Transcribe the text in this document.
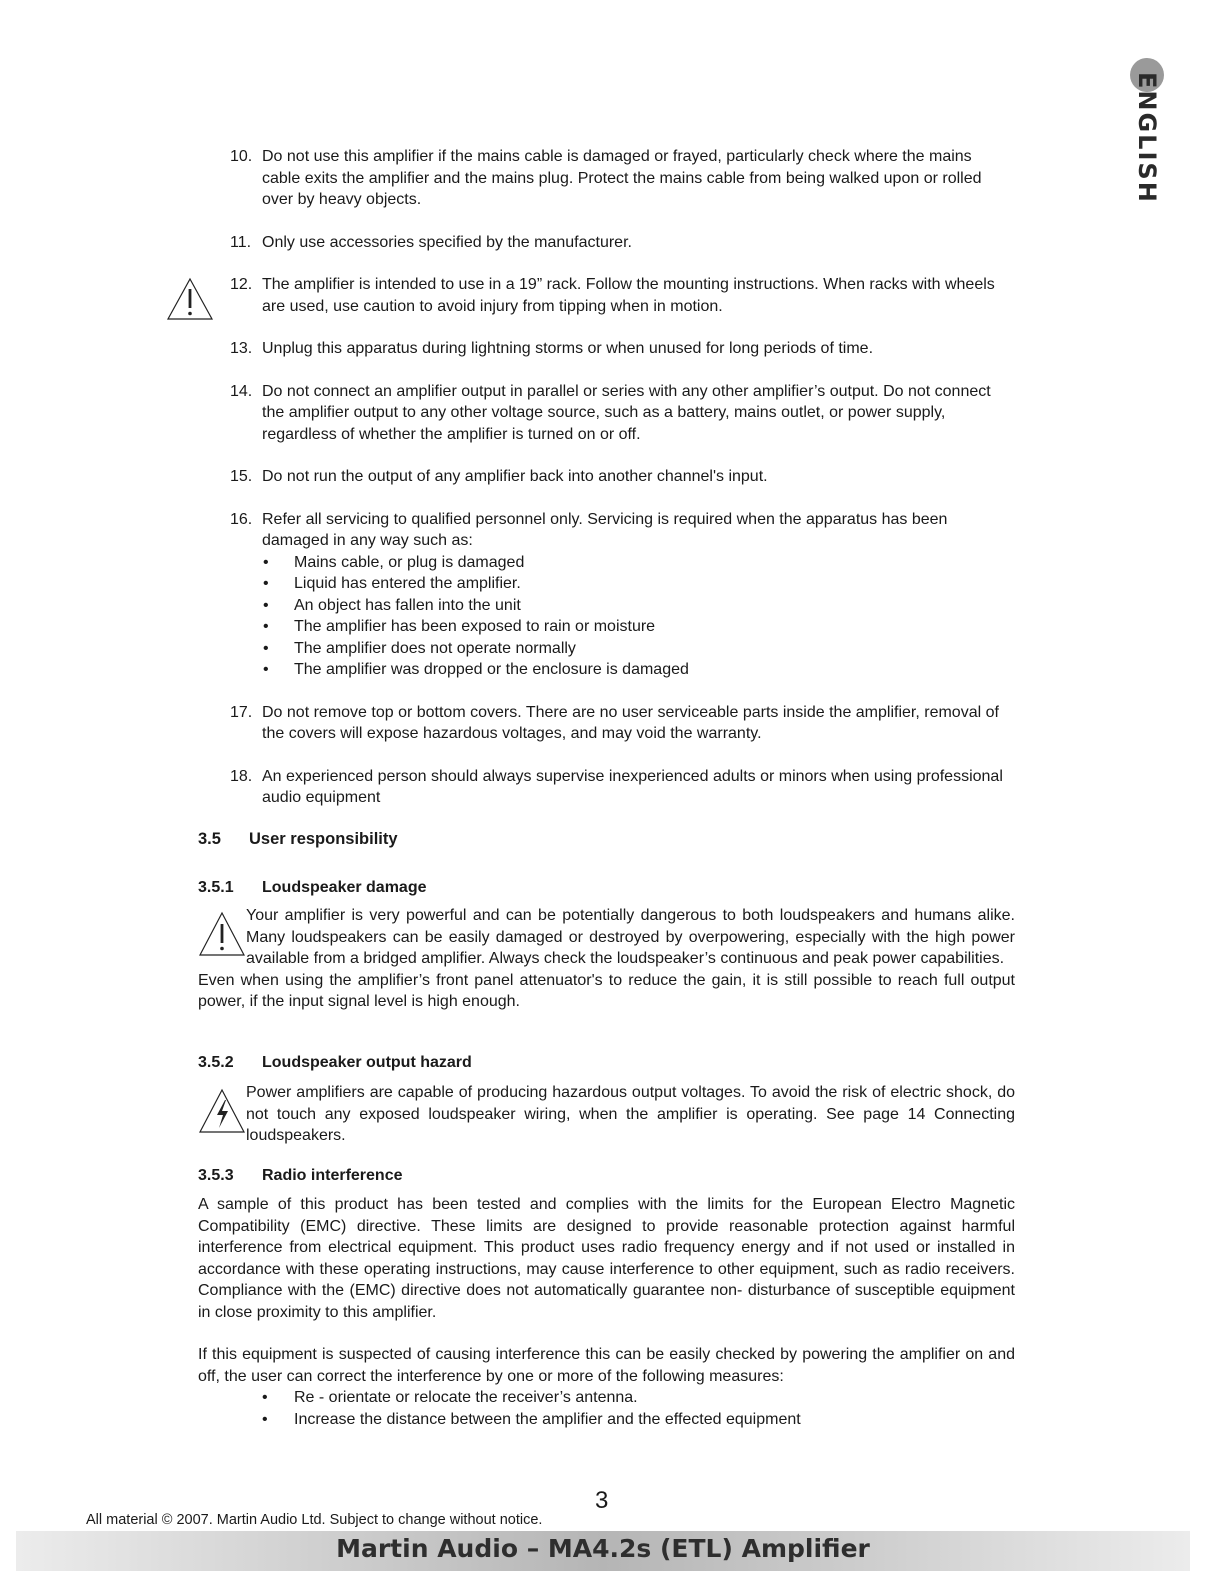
ENGLISH
10. Do not use this amplifier if the mains cable is damaged or frayed, particularly check where the mains cable exits the amplifier and the mains plug. Protect the mains cable from being walked upon or rolled over by heavy objects.
11. Only use accessories specified by the manufacturer.
12. The amplifier is intended to use in a 19” rack. Follow the mounting instructions. When racks with wheels are used, use caution to avoid injury from tipping when in motion.
13. Unplug this apparatus during lightning storms or when unused for long periods of time.
14. Do not connect an amplifier output in parallel or series with any other amplifier’s output. Do not connect the amplifier output to any other voltage source, such as a battery, mains outlet, or power supply, regardless of whether the amplifier is turned on or off.
15. Do not run the output of any amplifier back into another channel's input.
16. Refer all servicing to qualified personnel only. Servicing is required when the apparatus has been damaged in any way such as:
• Mains cable, or plug is damaged
• Liquid has entered the amplifier.
• An object has fallen into the unit
• The amplifier has been exposed to rain or moisture
• The amplifier does not operate normally
• The amplifier was dropped or the enclosure is damaged
17. Do not remove top or bottom covers. There are no user serviceable parts inside the amplifier, removal of the covers will expose hazardous voltages, and may void the warranty.
18. An experienced person should always supervise inexperienced adults or minors when using professional audio equipment
3.5 User responsibility
3.5.1 Loudspeaker damage

Your amplifier is very powerful and can be potentially dangerous to both loudspeakers and humans alike. Many loudspeakers can be easily damaged or destroyed by overpowering, especially with the high power available from a bridged amplifier. Always check the loudspeaker’s continuous and peak power capabilities.

Even when using the amplifier’s front panel attenuator's to reduce the gain, it is still possible to reach full output power, if the input signal level is high enough.

3.5.2 Loudspeaker output hazard

Power amplifiers are capable of producing hazardous output voltages. To avoid the risk of electric shock, do not touch any exposed loudspeaker wiring, when the amplifier is operating. See page 14 Connecting loudspeakers.

3.5.3 Radio interference

A sample of this product has been tested and complies with the limits for the European Electro Magnetic Compatibility (EMC) directive. These limits are designed to provide reasonable protection against harmful interference from electrical equipment. This product uses radio frequency energy and if not used or installed in accordance with these operating instructions, may cause interference to other equipment, such as radio receivers. Compliance with the (EMC) directive does not automatically guarantee non- disturbance of susceptible equipment in close proximity to this amplifier.

If this equipment is suspected of causing interference this can be easily checked by powering the amplifier on and off, the user can correct the interference by one or more of the following measures:

• Re - orientate or relocate the receiver’s antenna.
• Increase the distance between the amplifier and the effected equipment
3
All material © 2007. Martin Audio Ltd. Subject to change without notice.
Martin Audio – MA4.2s (ETL) Amplifier
